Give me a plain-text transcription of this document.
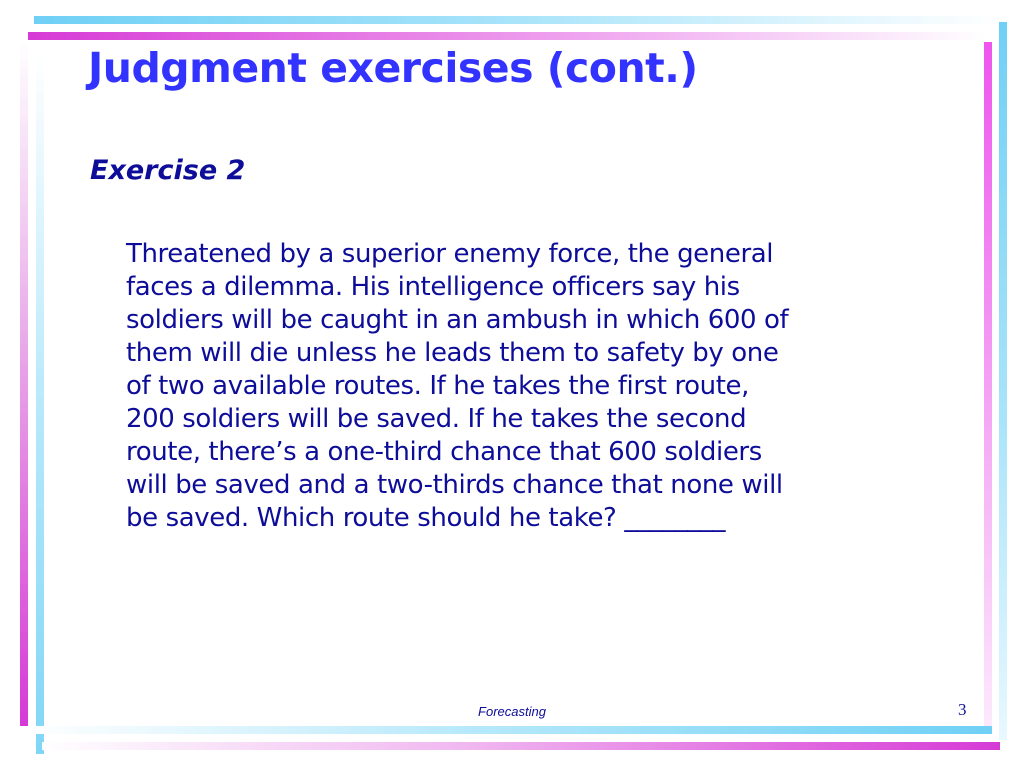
Judgment exercises (cont.)
Exercise 2

Threatened by a superior enemy force, the general
faces a dilemma. His intelligence officers say his
soldiers will be caught in an ambush in which 600 of
them will die unless he leads them to safety by one
of two available routes. If he takes the first route,
200 soldiers will be saved. If he takes the second
route, there’s a one-third chance that 600 soldiers
will be saved and a two-thirds chance that none will
be saved. Which route should he take? ________

Forecasting	3
